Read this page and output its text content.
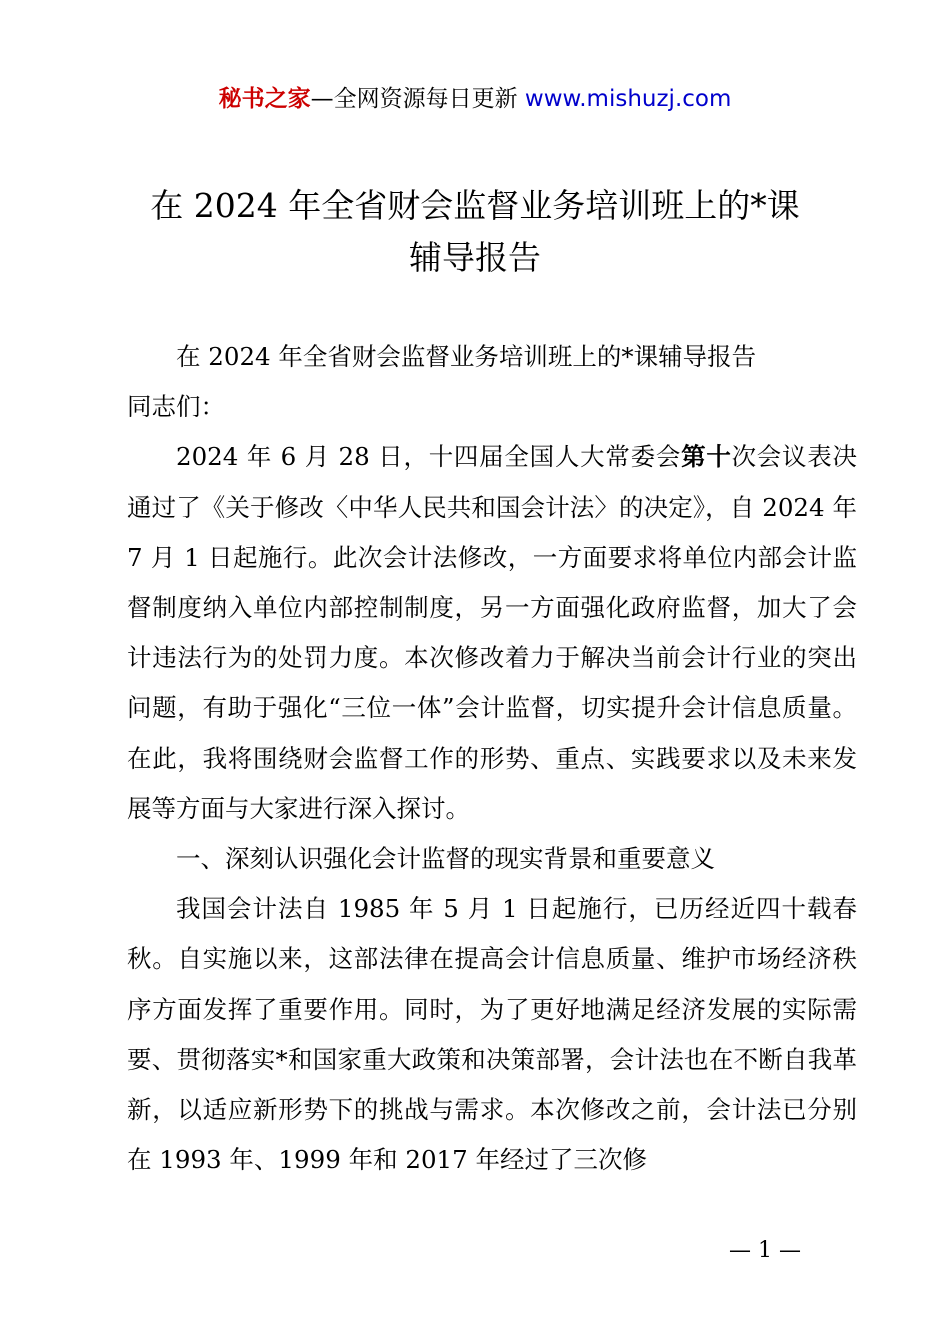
秘书之家—全网资源每日更新 www.mishuzj.com
在 2024 年全省财会监督业务培训班上的*课
辅导报告

在 2024 年全省财会监督业务培训班上的*课辅导报告

同志们：

2024 年 6 月 28 日，十四届全国人大常委会第十次会议表决通过了《关于修改〈中华人民共和国会计法〉的决定》，自 2024 年 7 月 1 日起施行。此次会计法修改，一方面要求将单位内部会计监督制度纳入单位内部控制制度，另一方面强化政府监督，加大了会计违法行为的处罚力度。本次修改着力于解决当前会计行业的突出问题，有助于强化“三位一体”会计监督，切实提升会计信息质量。在此，我将围绕财会监督工作的形势、重点、实践要求以及未来发展等方面与大家进行深入探讨。

一、深刻认识强化会计监督的现实背景和重要意义

我国会计法自 1985 年 5 月 1 日起施行，已历经近四十载春秋。自实施以来，这部法律在提高会计信息质量、维护市场经济秩序方面发挥了重要作用。同时，为了更好地满足经济发展的实际需要、贯彻落实*和国家重大政策和决策部署，会计法也在不断自我革新，以适应新形势下的挑战与需求。本次修改之前，会计法已分别在 1993 年、1999 年和 2017 年经过了三次修

— 1 —
